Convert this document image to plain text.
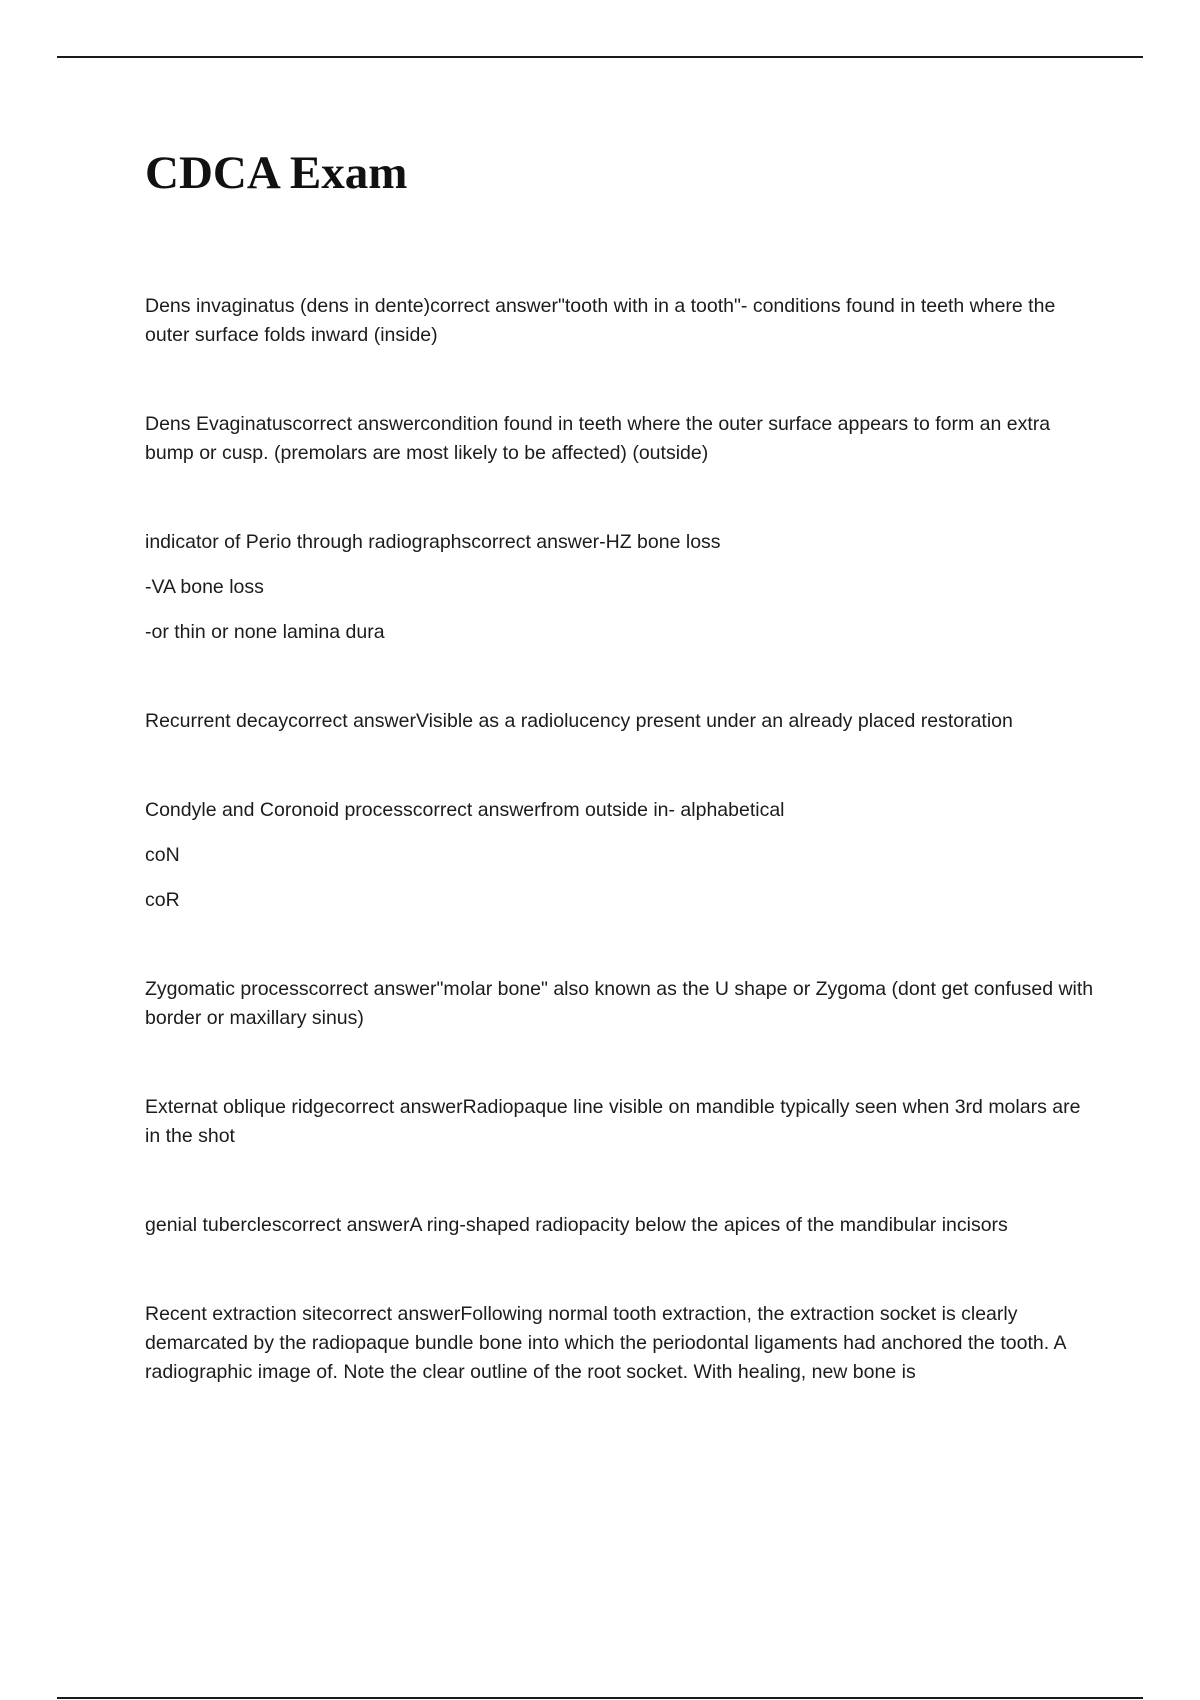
CDCA Exam

Dens invaginatus (dens in dente)correct answer"tooth with in a tooth"- conditions found in teeth where the outer surface folds inward (inside)

Dens Evaginatuscorrect answercondition found in teeth where the outer surface appears to form an extra bump or cusp. (premolars are most likely to be affected) (outside)

indicator of Perio through radiographscorrect answer-HZ bone loss

-VA bone loss

-or thin or none lamina dura

Recurrent decaycorrect answerVisible as a radiolucency present under an already placed restoration

Condyle and Coronoid processcorrect answerfrom outside in- alphabetical

coN

coR

Zygomatic processcorrect answer"molar bone" also known as the U shape or Zygoma (dont get confused with border or maxillary sinus)

Externat oblique ridgecorrect answerRadiopaque line visible on mandible typically seen when 3rd molars are in the shot

genial tuberclescorrect answerA ring-shaped radiopacity below the apices of the mandibular incisors

Recent extraction sitecorrect answerFollowing normal tooth extraction, the extraction socket is clearly demarcated by the radiopaque bundle bone into which the periodontal ligaments had anchored the tooth. A radiographic image of. Note the clear outline of the root socket. With healing, new bone is
